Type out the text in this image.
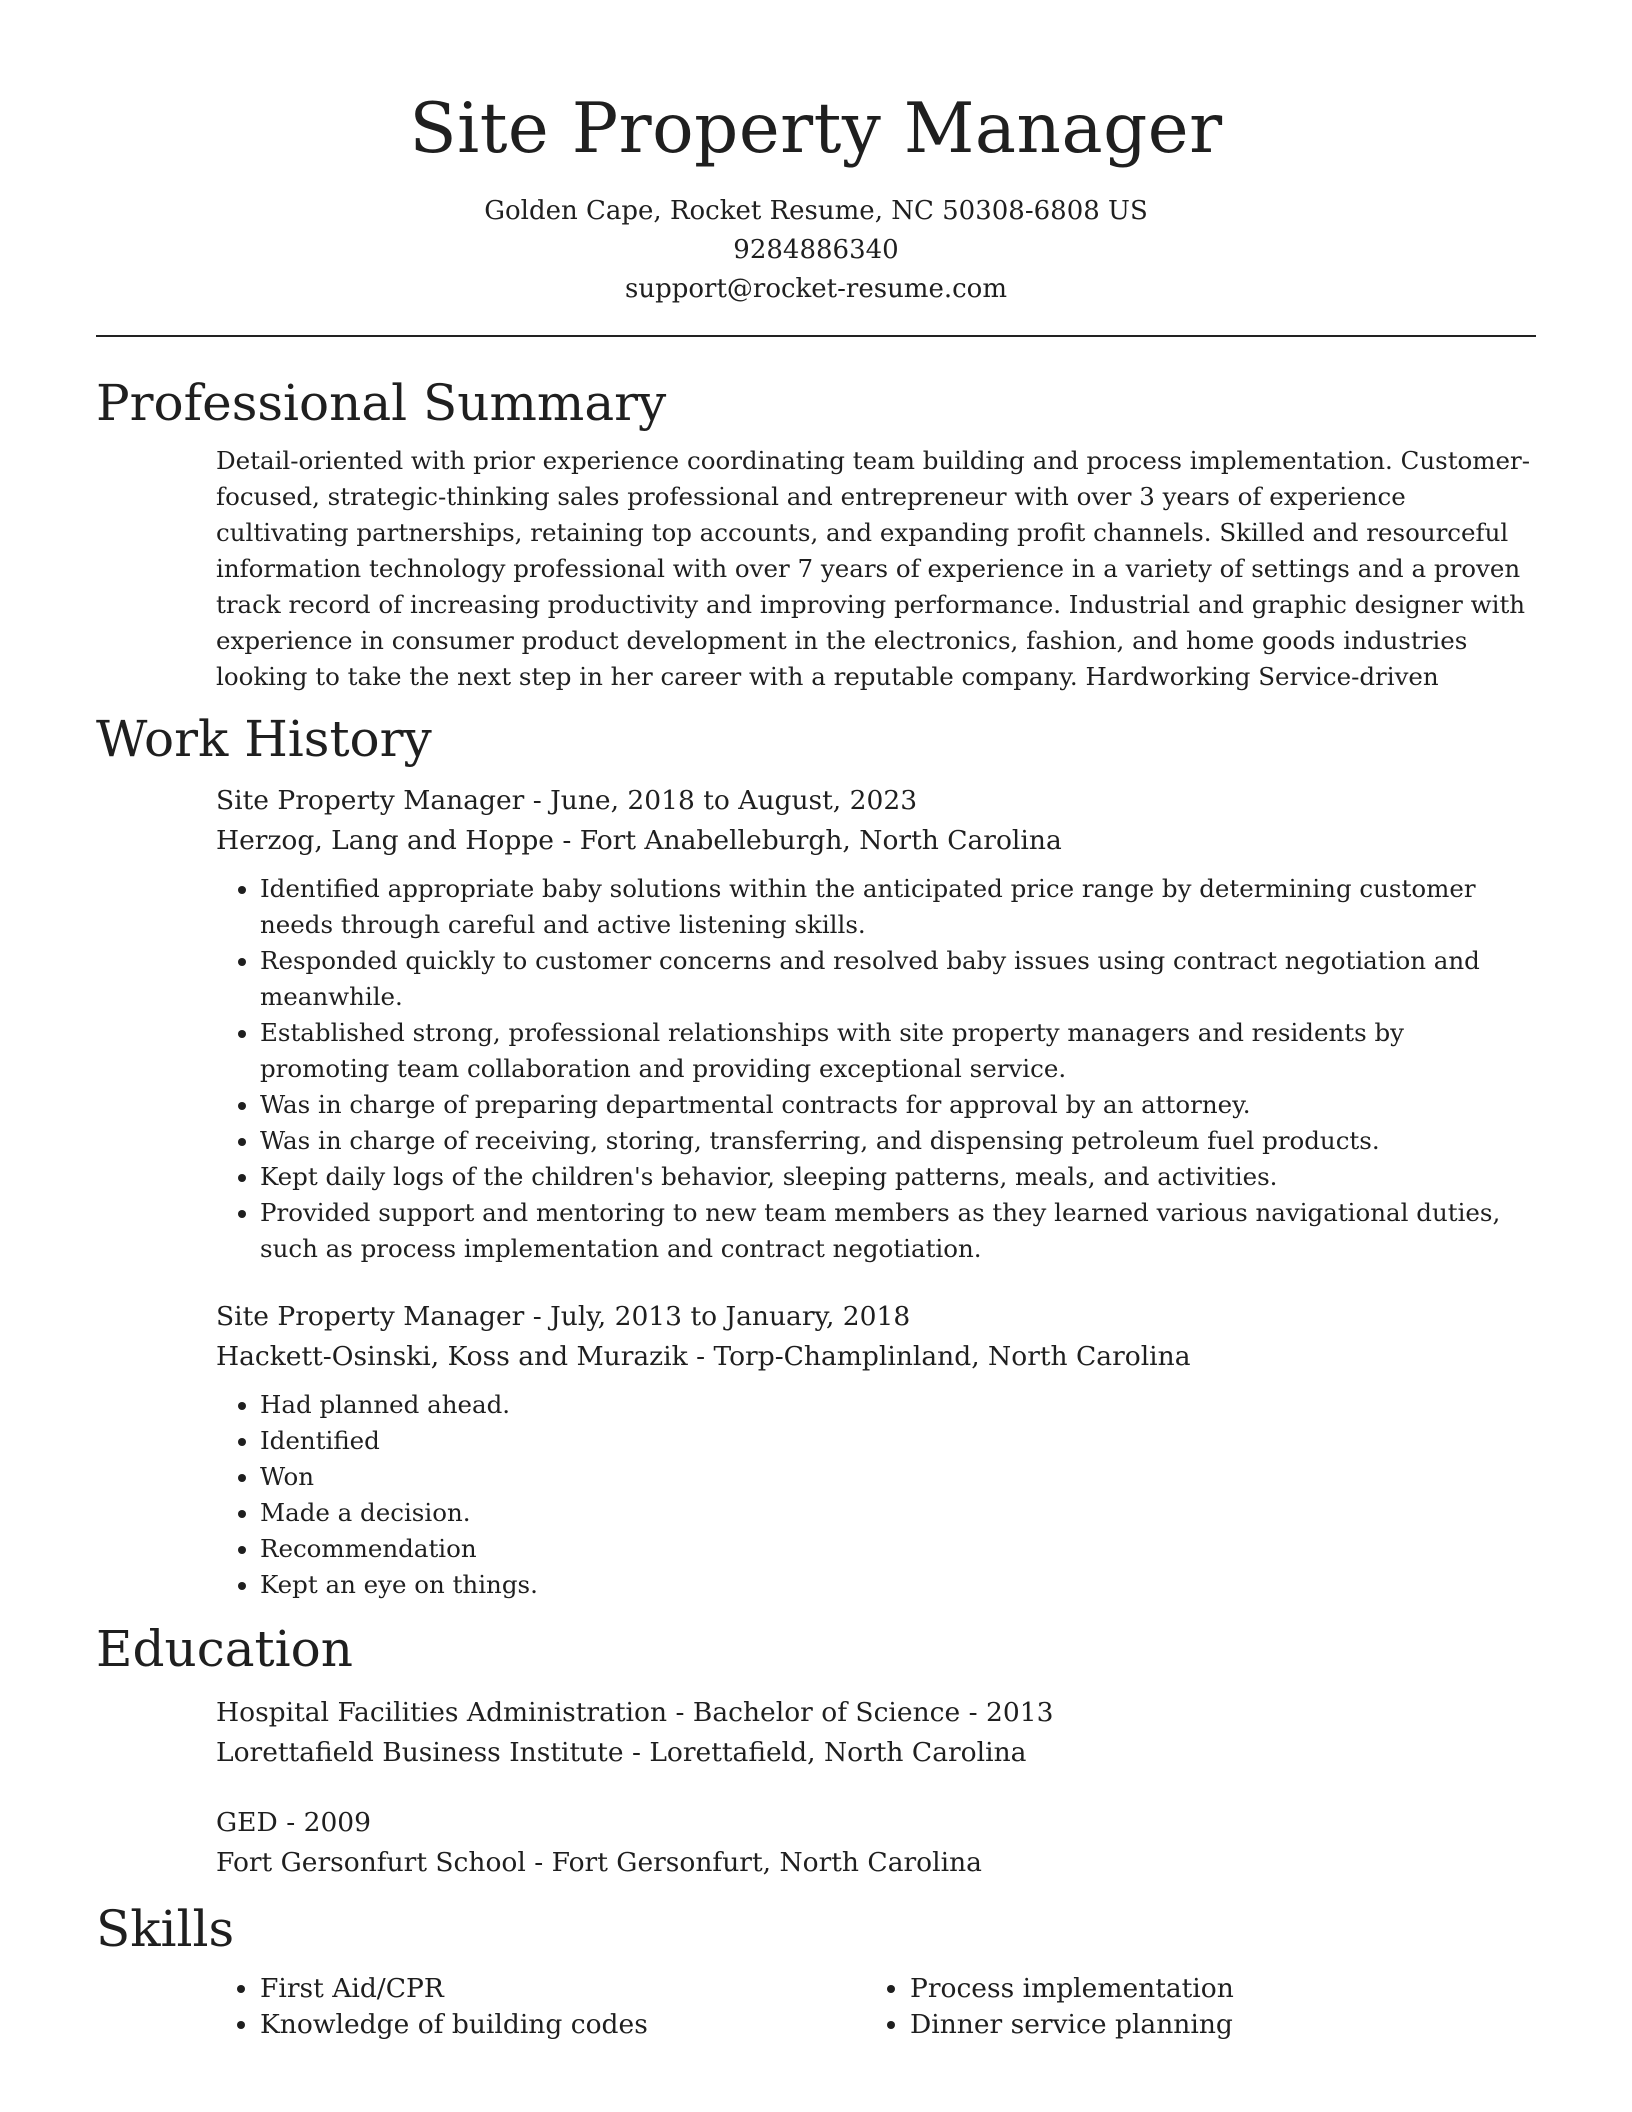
Site Property Manager
Golden Cape, Rocket Resume, NC 50308-6808 US
9284886340
support@rocket-resume.com
Professional Summary

Detail-oriented with prior experience coordinating team building and process implementation. Customer-focused, strategic-thinking sales professional and entrepreneur with over 3 years of experience cultivating partnerships, retaining top accounts, and expanding profit channels. Skilled and resourceful information technology professional with over 7 years of experience in a variety of settings and a proven track record of increasing productivity and improving performance. Industrial and graphic designer with experience in consumer product development in the electronics, fashion, and home goods industries looking to take the next step in her career with a reputable company. Hardworking Service-driven

Work History

Site Property Manager - June, 2018 to August, 2023

Herzog, Lang and Hoppe - Fort Anabelleburgh, North Carolina

• Identified appropriate baby solutions within the anticipated price range by determining customer needs through careful and active listening skills.
• Responded quickly to customer concerns and resolved baby issues using contract negotiation and meanwhile.
• Established strong, professional relationships with site property managers and residents by promoting team collaboration and providing exceptional service.
• Was in charge of preparing departmental contracts for approval by an attorney.
• Was in charge of receiving, storing, transferring, and dispensing petroleum fuel products.
• Kept daily logs of the children's behavior, sleeping patterns, meals, and activities.
• Provided support and mentoring to new team members as they learned various navigational duties, such as process implementation and contract negotiation.

Site Property Manager - July, 2013 to January, 2018

Hackett-Osinski, Koss and Murazik - Torp-Champlinland, North Carolina

• Had planned ahead.
• Identified
• Won
• Made a decision.
• Recommendation
• Kept an eye on things.
Education

Hospital Facilities Administration - Bachelor of Science - 2013

Lorettafield Business Institute - Lorettafield, North Carolina

GED - 2009

Fort Gersonfurt School - Fort Gersonfurt, North Carolina

Skills
• First Aid/CPR
• Knowledge of building codes
• Process implementation
• Dinner service planning
